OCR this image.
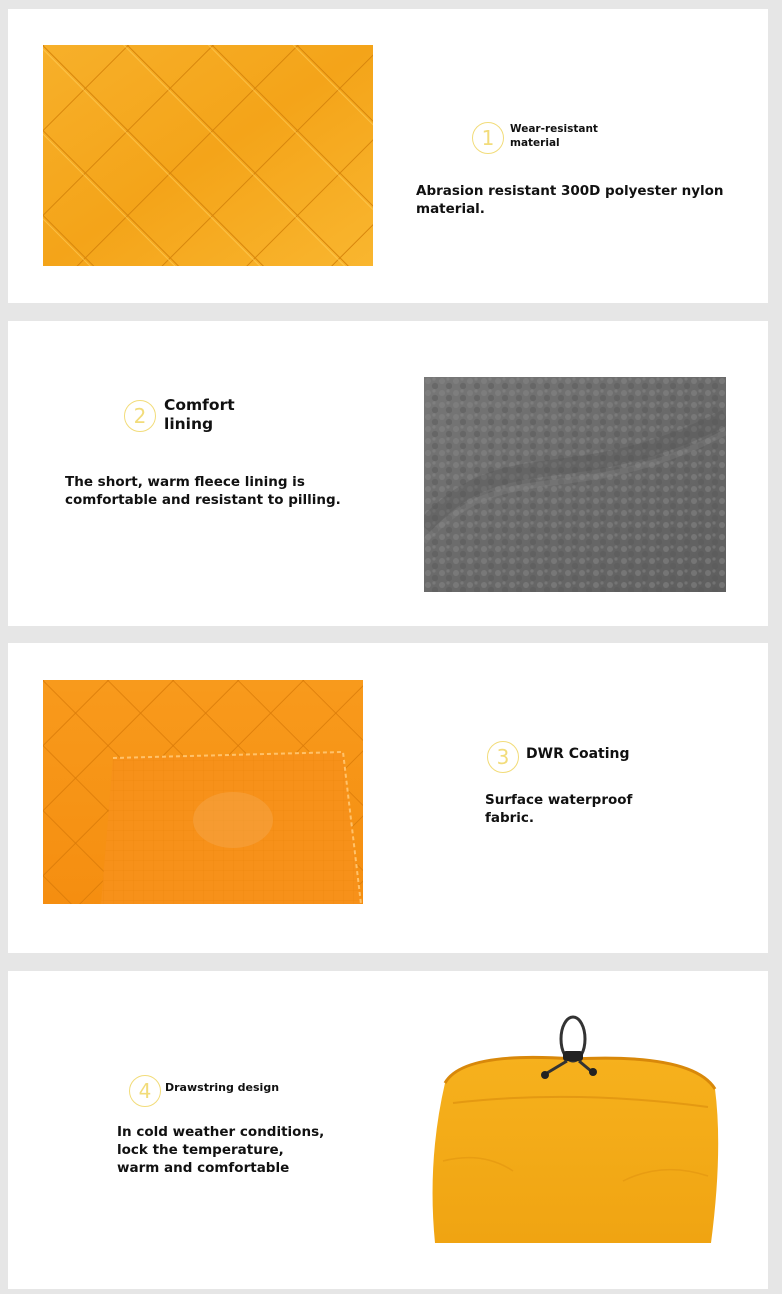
1	Wear-resistant
material
Abrasion resistant 300D polyester nylon
material.
2	Comfort
lining
The short, warm fleece lining is
comfortable and resistant to pilling.
3	DWR Coating
Surface waterproof
fabric.
4	Drawstring design
In cold weather conditions,
lock the temperature,
warm and comfortable
